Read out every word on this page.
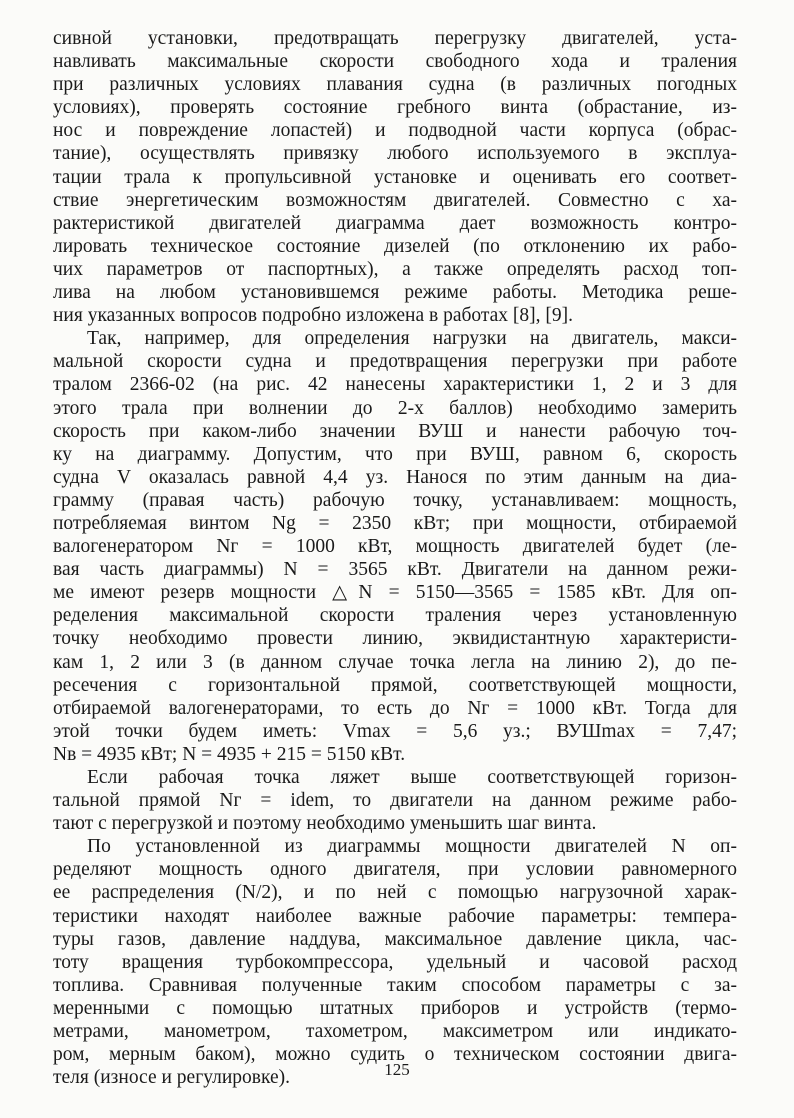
сивной установки, предотвращать перегрузку двигателей, уста-
навливать максимальные скорости свободного хода и траления
при различных условиях плавания судна (в различных погодных
условиях), проверять состояние гребного винта (обрастание, из-
нос и повреждение лопастей) и подводной части корпуса (обрас-
тание), осуществлять привязку любого используемого в эксплуа-
тации трала к пропульсивной установке и оценивать его соответ-
ствие энергетическим возможностям двигателей. Совместно с ха-
рактеристикой двигателей диаграмма дает возможность контро-
лировать техническое состояние дизелей (по отклонению их рабо-
чих параметров от паспортных), а также определять расход топ-
лива на любом установившемся режиме работы. Методика реше-
ния указанных вопросов подробно изложена в работах [8], [9].
Так, например, для определения нагрузки на двигатель, макси-
мальной скорости судна и предотвращения перегрузки при работе
тралом 2366-02 (на рис. 42 нанесены характеристики 1, 2 и 3 для
этого трала при волнении до 2-х баллов) необходимо замерить
скорость при каком-либо значении ВУШ и нанести рабочую точ-
ку на диаграмму. Допустим, что при ВУШ, равном 6, скорость
судна V оказалась равной 4,4 уз. Нанося по этим данным на диа-
грамму (правая часть) рабочую точку, устанавливаем: мощность,
потребляемая винтом Ng = 2350 кВт; при мощности, отбираемой
валогенератором Nг = 1000 кВт, мощность двигателей будет (ле-
вая часть диаграммы) N = 3565 кВт. Двигатели на данном режи-
ме имеют резерв мощности △N = 5150—3565 = 1585 кВт. Для оп-
ределения максимальной скорости траления через установленную
точку необходимо провести линию, эквидистантную характеристи-
кам 1, 2 или 3 (в данном случае точка легла на линию 2), до пе-
ресечения с горизонтальной прямой, соответствующей мощности,
отбираемой валогенераторами, то есть до Nг = 1000 кВт. Тогда для
этой точки будем иметь: Vmax = 5,6 уз.; ВУШmax = 7,47;
Nв = 4935 кВт; N = 4935 + 215 = 5150 кВт.
Если рабочая точка ляжет выше соответствующей горизон-
тальной прямой Nг = idem, то двигатели на данном режиме рабо-
тают с перегрузкой и поэтому необходимо уменьшить шаг винта.
По установленной из диаграммы мощности двигателей N оп-
ределяют мощность одного двигателя, при условии равномерного
ее распределения (N/2), и по ней с помощью нагрузочной харак-
теристики находят наиболее важные рабочие параметры: темпера-
туры газов, давление наддува, максимальное давление цикла, час-
тоту вращения турбокомпрессора, удельный и часовой расход
топлива. Сравнивая полученные таким способом параметры с за-
меренными с помощью штатных приборов и устройств (термо-
метрами, манометром, тахометром, максиметром или индикато-
ром, мерным баком), можно судить о техническом состоянии двига-
теля (износе и регулировке).	125
